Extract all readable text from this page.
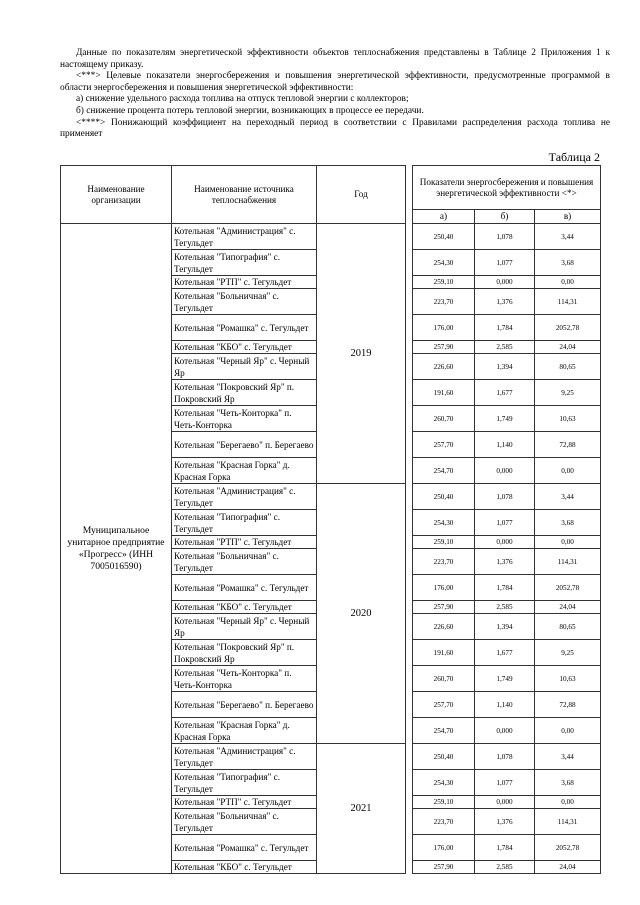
Данные по показателям энергетической эффективности объектов теплоснабжения представлены в Таблице 2 Приложения 1 к настоящему приказу.

<***> Целевые показатели энергосбережения и повышения энергетической эффективности, предусмотренные программой в области энергосбережения и повышения энергетической эффективности:

а) снижение удельного расхода топлива на отпуск тепловой энергии с коллекторов;

б) снижение процента потерь тепловой энергии, возникающих в процессе ее передачи.

<****> Понижающий коэффициент на переходный период в соответствии с Правилами распределения расхода топлива не применяет

Таблица 2
Наименование организации	Наименование источника теплоснабжения	Год		Показатели энергосбережения и повышения энергетической эффективности <*>		
				а)	б)	в)
Муниципальное унитарное предприятие «Прогресс» (ИНН 7005016590)	Котельная "Администрация" с. Тегульдет	2019		250,40	1,078	3,44
	Котельная "Типография" с. Тегульдет			254,30	1,077	3,68
	Котельная "РТП" с. Тегульдет			259,10	0,000	0,00
	Котельная "Больничная" с. Тегульдет			223,70	1,376	114,31
	Котельная "Ромашка" с. Тегульдет			176,00	1,784	2052,78
	Котельная "КБО" с. Тегульдет			257,90	2,585	24,04
	Котельная "Черный Яр" с. Черный Яр			226,60	1,394	80,65
	Котельная "Покровский Яр" п. Покровский Яр			191,60	1,677	9,25
	Котельная "Четь-Конторка" п. Четь-Конторка			260,70	1,749	10,63
	Котельная "Берегаево" п. Берегаево			257,70	1,140	72,88
	Котельная "Красная Горка" д. Красная Горка			254,70	0,000	0,00
	Котельная "Администрация" с. Тегульдет	2020		250,40	1,078	3,44
	Котельная "Типография" с. Тегульдет			254,30	1,077	3,68
	Котельная "РТП" с. Тегульдет			259,10	0,000	0,00
	Котельная "Больничная" с. Тегульдет			223,70	1,376	114,31
	Котельная "Ромашка" с. Тегульдет			176,00	1,784	2052,78
	Котельная "КБО" с. Тегульдет			257,90	2,585	24,04
	Котельная "Черный Яр" с. Черный Яр			226,60	1,394	80,65
	Котельная "Покровский Яр" п. Покровский Яр			191,60	1,677	9,25
	Котельная "Четь-Конторка" п. Четь-Конторка			260,70	1,749	10,63
	Котельная "Берегаево" п. Берегаево			257,70	1,140	72,88
	Котельная "Красная Горка" д. Красная Горка			254,70	0,000	0,00
	Котельная "Администрация" с. Тегульдет	2021		250,40	1,078	3,44
	Котельная "Типография" с. Тегульдет			254,30	1,077	3,68
	Котельная "РТП" с. Тегульдет			259,10	0,000	0,00
	Котельная "Больничная" с. Тегульдет			223,70	1,376	114,31
	Котельная "Ромашка" с. Тегульдет			176,00	1,784	2052,78
	Котельная "КБО" с. Тегульдет			257,90	2,585	24,04
